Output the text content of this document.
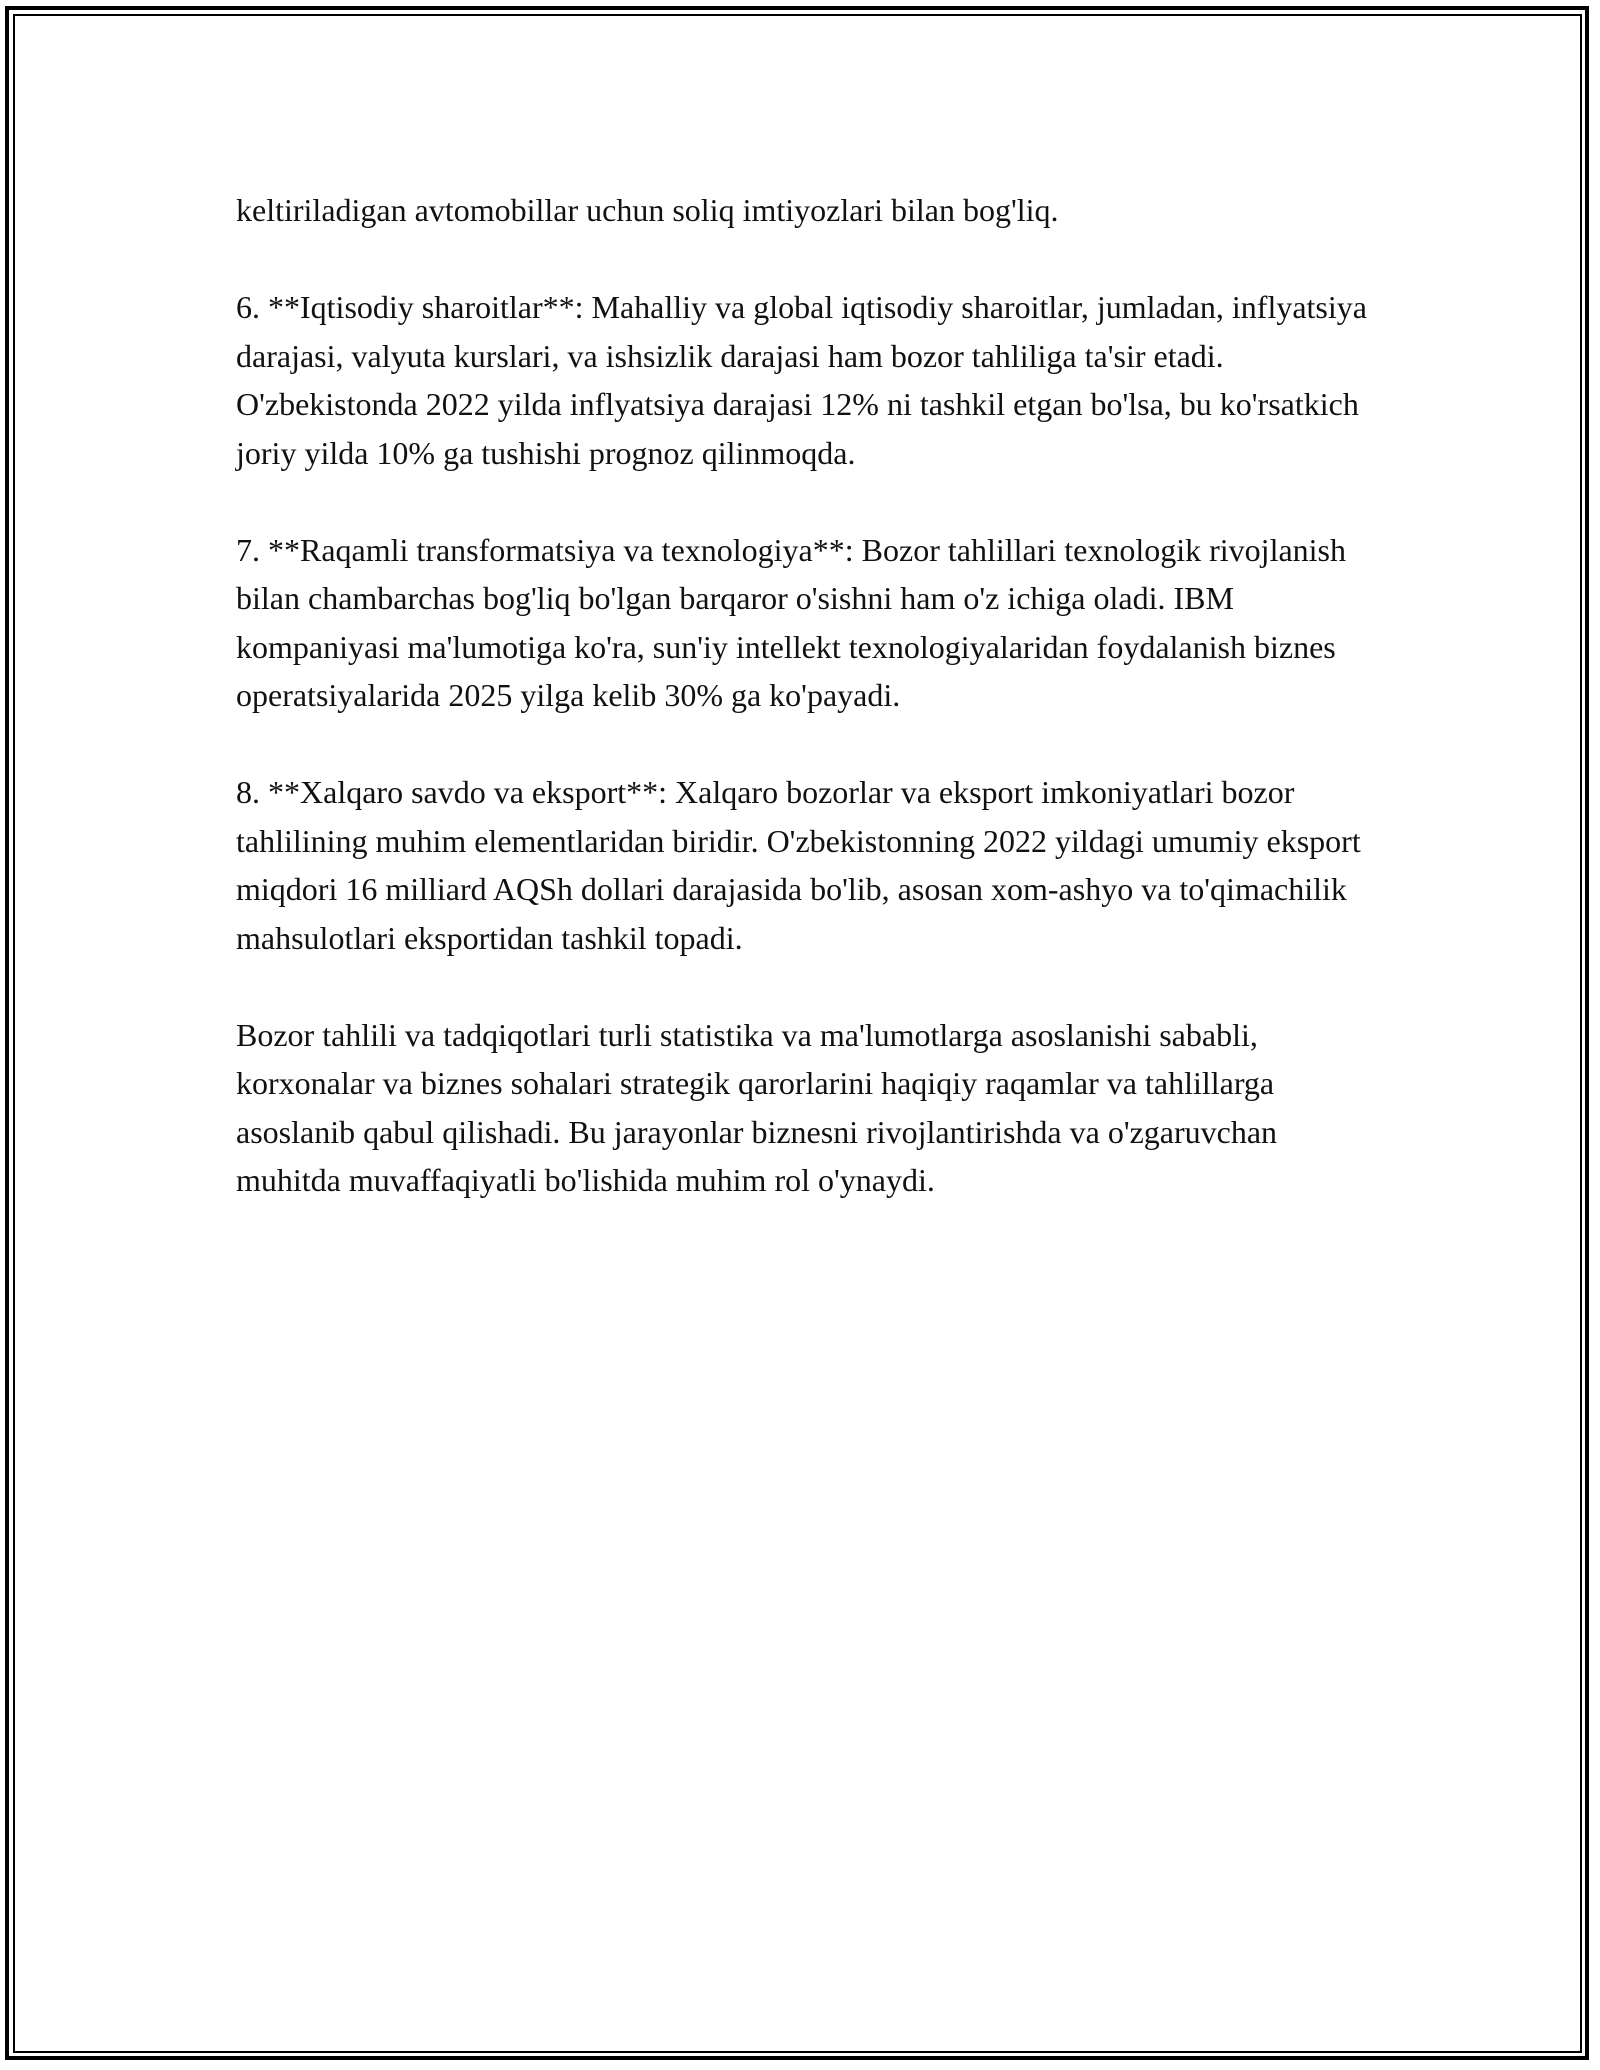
keltiriladigan avtomobillar uchun soliq imtiyozlari bilan bog'liq.

6. **Iqtisodiy sharoitlar**: Mahalliy va global iqtisodiy sharoitlar, jumladan, inflyatsiya darajasi, valyuta kurslari, va ishsizlik darajasi ham bozor tahliliga ta'sir etadi. O'zbekistonda 2022 yilda inflyatsiya darajasi 12% ni tashkil etgan bo'lsa, bu ko'rsatkich joriy yilda 10% ga tushishi prognoz qilinmoqda.

7. **Raqamli transformatsiya va texnologiya**: Bozor tahlillari texnologik rivojlanish bilan chambarchas bog'liq bo'lgan barqaror o'sishni ham o'z ichiga oladi. IBM kompaniyasi ma'lumotiga ko'ra, sun'iy intellekt texnologiyalaridan foydalanish biznes operatsiyalarida 2025 yilga kelib 30% ga ko'payadi.

8. **Xalqaro savdo va eksport**: Xalqaro bozorlar va eksport imkoniyatlari bozor tahlilining muhim elementlaridan biridir. O'zbekistonning 2022 yildagi umumiy eksport miqdori 16 milliard AQSh dollari darajasida bo'lib, asosan xom-ashyo va to'qimachilik mahsulotlari eksportidan tashkil topadi.

Bozor tahlili va tadqiqotlari turli statistika va ma'lumotlarga asoslanishi sababli, korxonalar va biznes sohalari strategik qarorlarini haqiqiy raqamlar va tahlillarga asoslanib qabul qilishadi. Bu jarayonlar biznesni rivojlantirishda va o'zgaruvchan muhitda muvaffaqiyatli bo'lishida muhim rol o'ynaydi.
